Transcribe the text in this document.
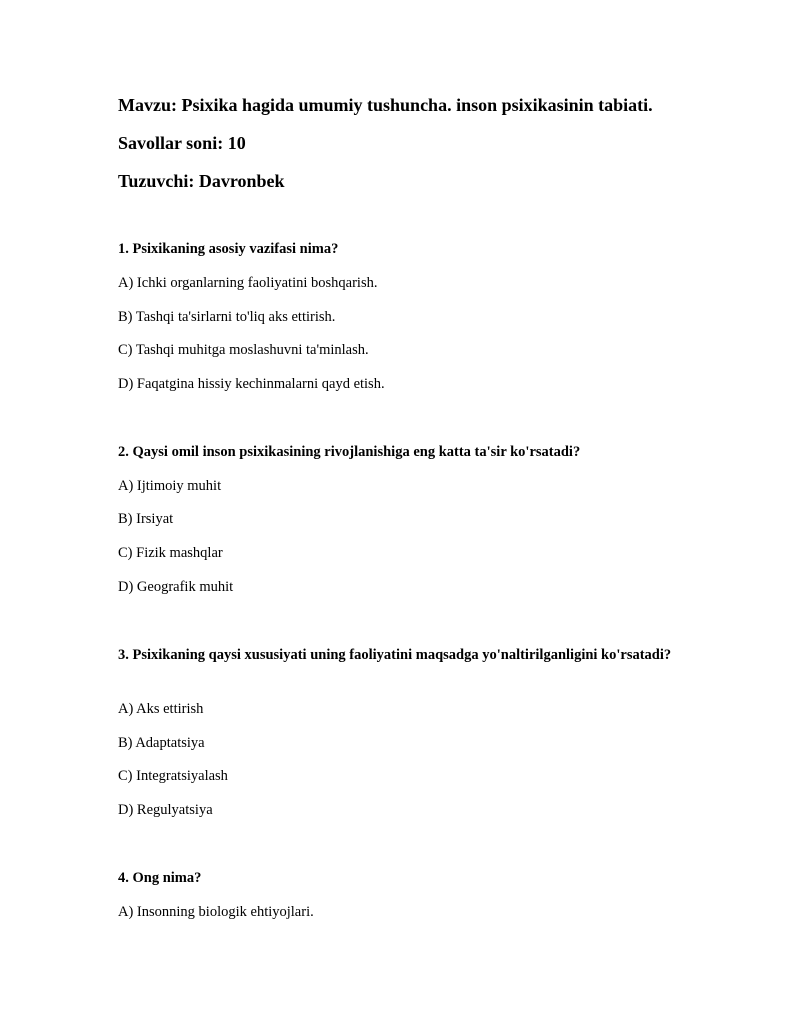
Mavzu: Psixika hagida umumiy tushuncha. inson psixikasinin tabiati.
Savollar soni: 10
Tuzuvchi: Davronbek
1. Psixikaning asosiy vazifasi nima?
A) Ichki organlarning faoliyatini boshqarish.
B) Tashqi ta'sirlarni to'liq aks ettirish.
C) Tashqi muhitga moslashuvni ta'minlash.
D) Faqatgina hissiy kechinmalarni qayd etish.
2. Qaysi omil inson psixikasining rivojlanishiga eng katta ta'sir ko'rsatadi?
A) Ijtimoiy muhit
B) Irsiyat
C) Fizik mashqlar
D) Geografik muhit
3. Psixikaning qaysi xususiyati uning faoliyatini maqsadga yo'naltirilganligini ko'rsatadi?
A) Aks ettirish
B) Adaptatsiya
C) Integratsiyalash
D) Regulyatsiya
4. Ong nima?
A) Insonning biologik ehtiyojlari.
